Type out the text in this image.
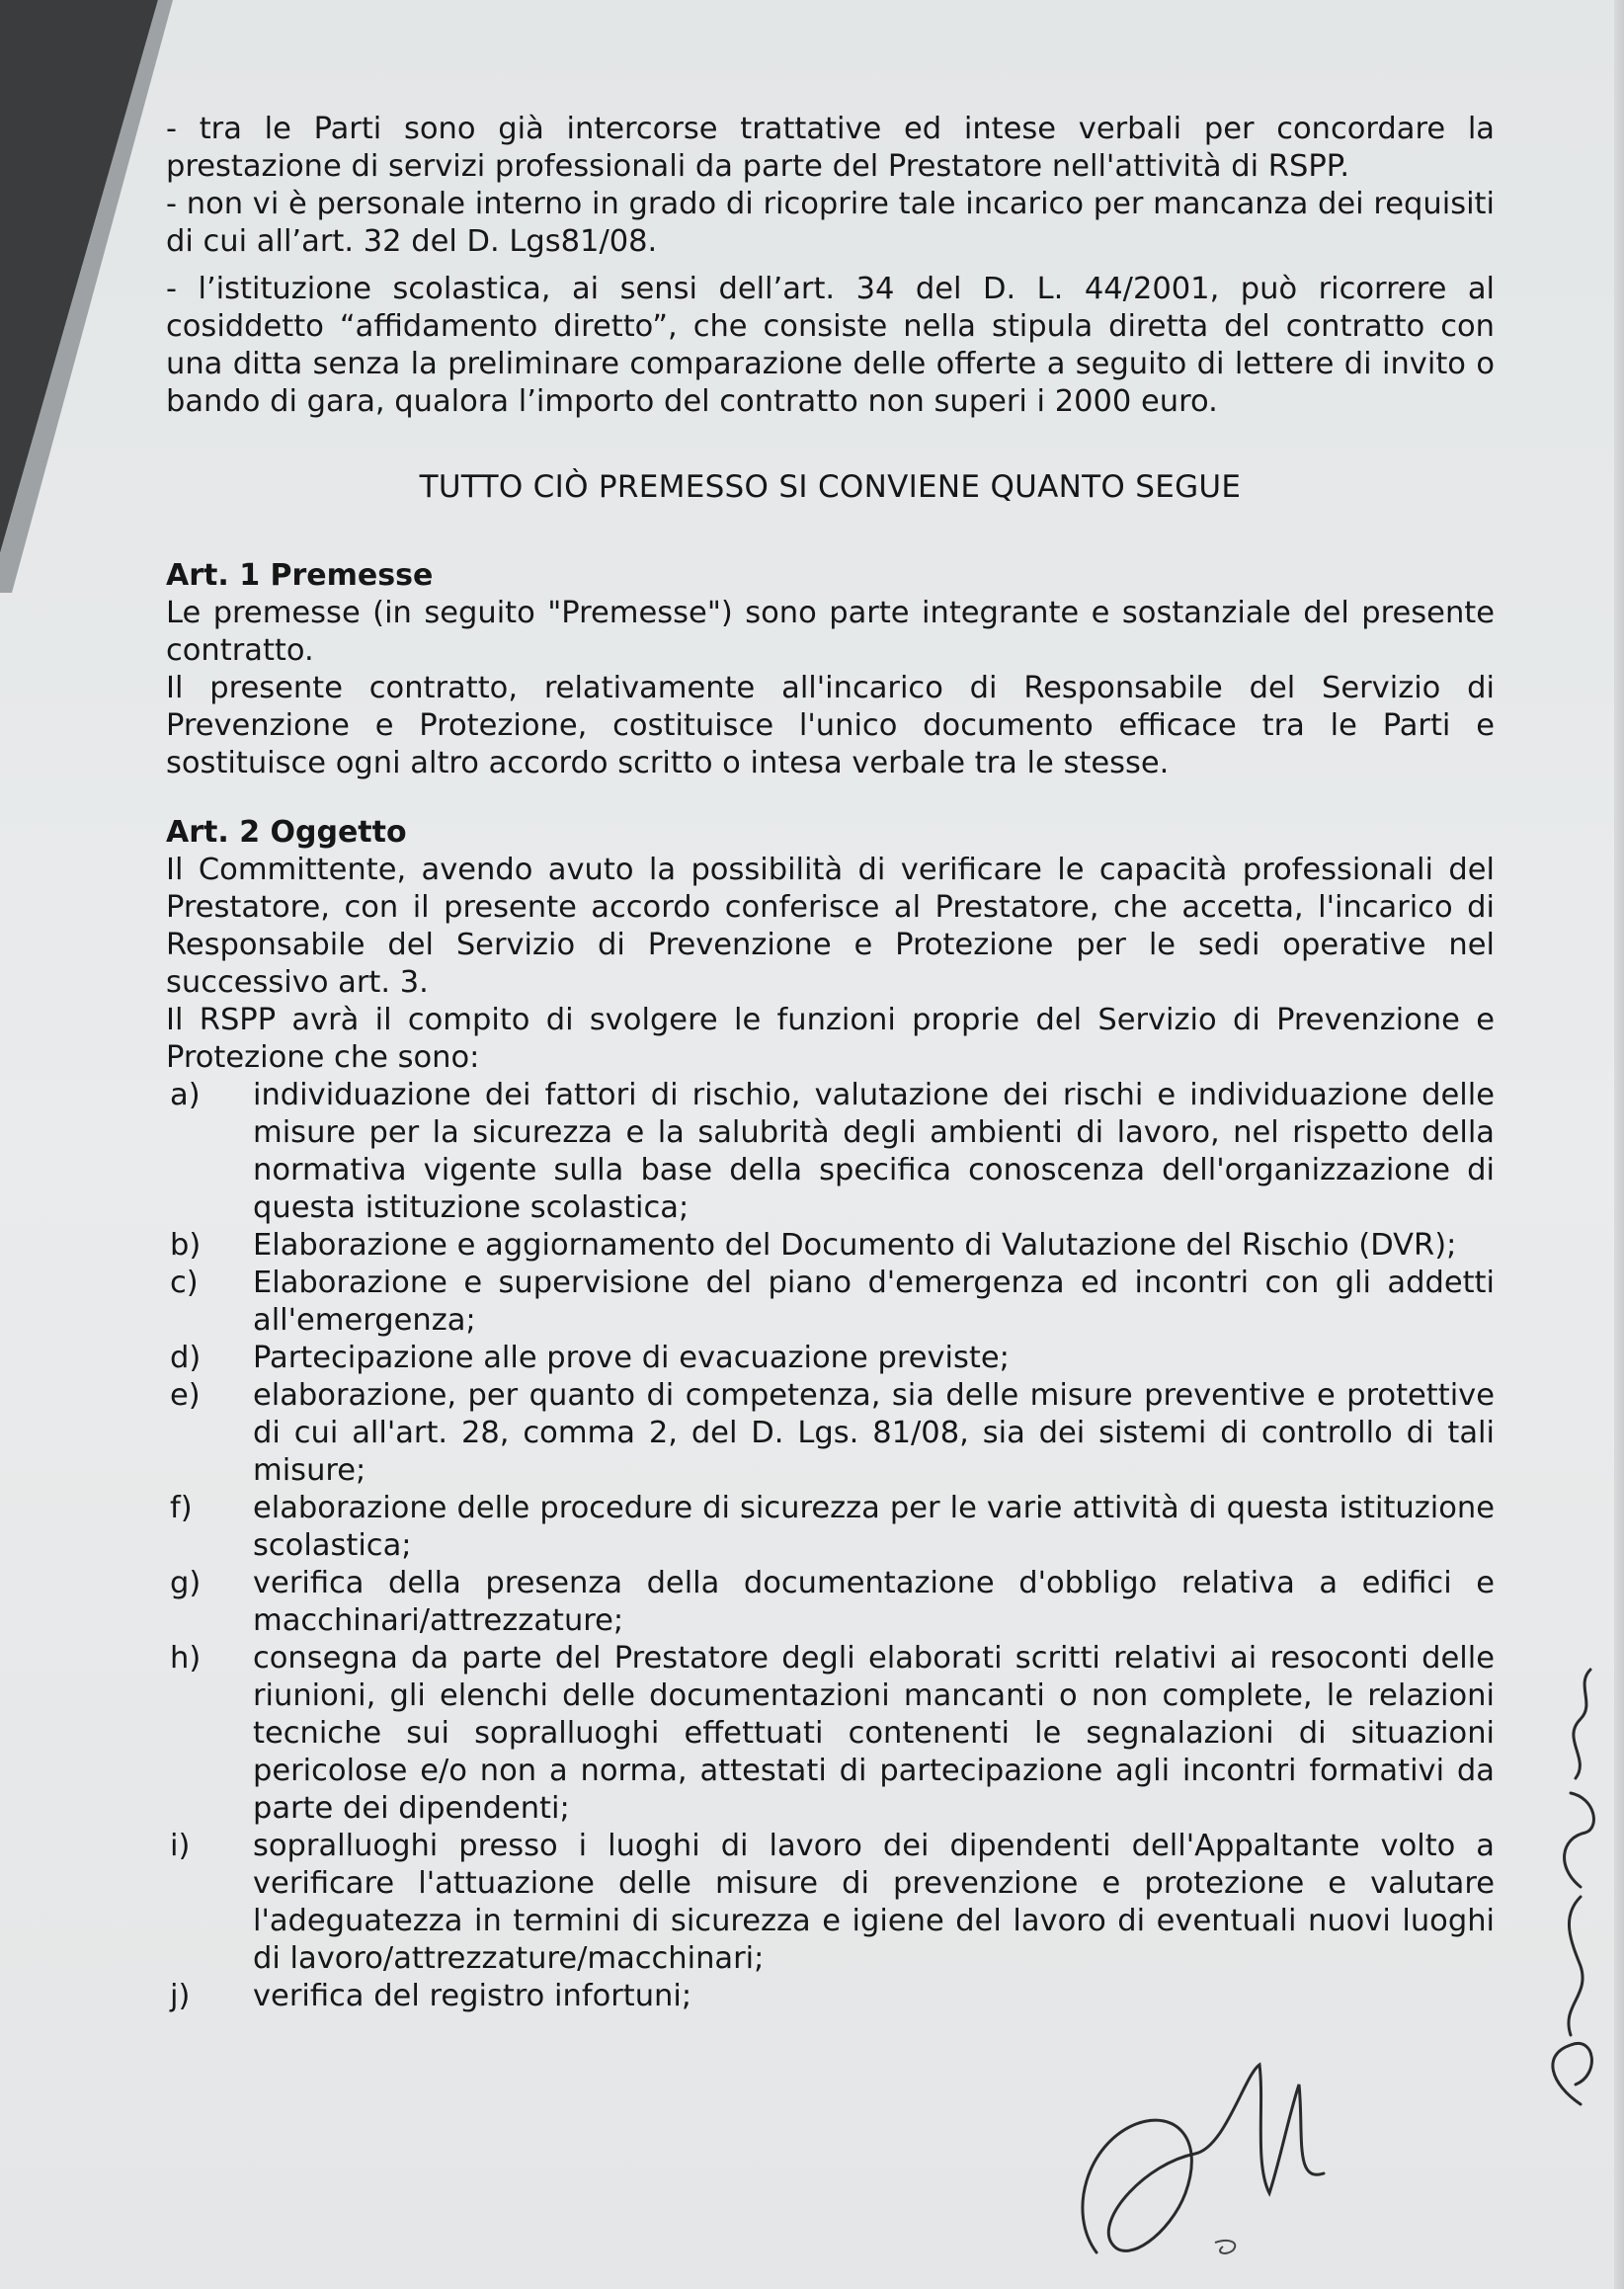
- tra le Parti sono già intercorse trattative ed intese verbali per concordare la prestazione di servizi professionali da parte del Prestatore nell'attività di RSPP.

- non vi è personale interno in grado di ricoprire tale incarico per mancanza dei requisiti di cui all’art. 32 del D. Lgs81/08.

- l’istituzione scolastica, ai sensi dell’art. 34 del D. L. 44/2001, può ricorrere al cosiddetto “affidamento diretto”, che consiste nella stipula diretta del contratto con una ditta senza la preliminare comparazione delle offerte a seguito di lettere di invito o bando di gara, qualora l’importo del contratto non superi i 2000 euro.

TUTTO CIÒ PREMESSO SI CONVIENE QUANTO SEGUE
Art. 1 Premesse

Le premesse (in seguito "Premesse") sono parte integrante e sostanziale del presente contratto.

Il presente contratto, relativamente all'incarico di Responsabile del Servizio di Prevenzione e Protezione, costituisce l'unico documento efficace tra le Parti e sostituisce ogni altro accordo scritto o intesa verbale tra le stesse.

Art. 2 Oggetto

Il Committente, avendo avuto la possibilità di verificare le capacità professionali del Prestatore, con il presente accordo conferisce al Prestatore, che accetta, l'incarico di Responsabile del Servizio di Prevenzione e Protezione per le sedi operative nel successivo art. 3.

Il RSPP avrà il compito di svolgere le funzioni proprie del Servizio di Prevenzione e Protezione che sono:

a)	individuazione dei fattori di rischio, valutazione dei rischi e individuazione delle misure per la sicurezza e la salubrità degli ambienti di lavoro, nel rispetto della normativa vigente sulla base della specifica conoscenza dell'organizzazione di questa istituzione scolastica;
b)	Elaborazione e aggiornamento del Documento di Valutazione del Rischio (DVR);
c)	Elaborazione e supervisione del piano d'emergenza ed incontri con gli addetti all'emergenza;
d)	Partecipazione alle prove di evacuazione previste;
e)	elaborazione, per quanto di competenza, sia delle misure preventive e protettive di cui all'art. 28, comma 2, del D. Lgs. 81/08, sia dei sistemi di controllo di tali misure;
f)	elaborazione delle procedure di sicurezza per le varie attività di questa istituzione scolastica;
g)	verifica della presenza della documentazione d'obbligo relativa a edifici e macchinari/attrezzature;
h)	consegna da parte del Prestatore degli elaborati scritti relativi ai resoconti delle riunioni, gli elenchi delle documentazioni mancanti o non complete, le relazioni tecniche sui sopralluoghi effettuati contenenti le segnalazioni di situazioni pericolose e/o non a norma, attestati di partecipazione agli incontri formativi da parte dei dipendenti;
i)	sopralluoghi presso i luoghi di lavoro dei dipendenti dell'Appaltante volto a verificare l'attuazione delle misure di prevenzione e protezione e valutare l'adeguatezza in termini di sicurezza e igiene del lavoro di eventuali nuovi luoghi di lavoro/attrezzature/macchinari;
j)	verifica del registro infortuni;
